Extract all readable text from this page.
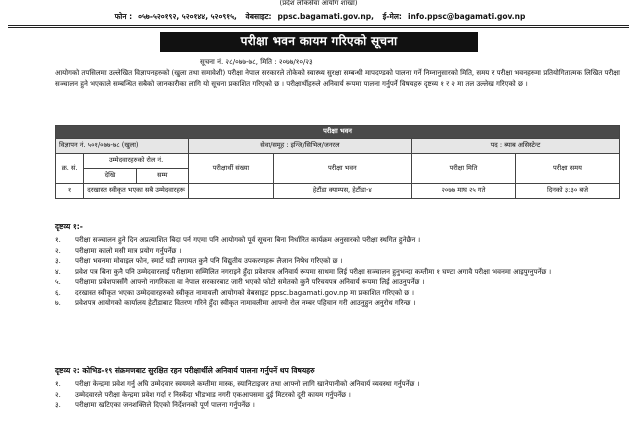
(प्रदेश लोकसेवा आयोग शाखा)
फोन : ०५७-५२०१९२, ५२०१४४, ५२०९१५, वेबसाइट: ppsc.bagamati.gov.np, ई-मेल: info.ppsc@bagamati.gov.np
परीक्षा भवन कायम गरिएको सूचना
सूचना नं. २८/०७७-७८, मिति : २०७७/१०/२३
आयोगको तपसिलमा उल्लेखित विज्ञापनहरुको (खुला तथा समावेशी) परीक्षा नेपाल सरकारले तोकेको स्वास्थ्य सुरक्षा सम्बन्धी मापदण्डको पालना गर्ने निम्नानुसारको मिति, समय र परीक्षा भवनहरुमा प्रतियोगितात्मक लिखित परीक्षा सञ्चालन हुने भएकाले सम्बन्धित सबैको जानकारीका लागि यो सूचना प्रकाशित गरिएको छ । परीक्षार्थीहरुले अनिवार्य रूपमा पालना गर्नुपर्ने विषयहरु दृष्टव्य १ र २ मा तल उल्लेख गरिएको छ ।
परीक्षा भवन						
विज्ञापन नं. ५०१/०७७-७८ (खुला)			सेवा/समूह : इन्जि/सिभिल/जनरल		पद : ब्याब असिस्टेन्ट	
क्र. सं.	उम्मेदवारहरुको रोल नं.		परीक्षार्थी संख्या	परीक्षा भवन	परीक्षा मिति	परीक्षा समय
	देखि	सम्म				
१	दरखास्त स्वीकृत भएका सबै उम्मेदवारहरू			हेटौंडा क्याम्पस, हेटौंडा-४	२०७७ माघ २५ गते	दिनको ३:३० बजे
दृष्टव्य १:-
१.	परीक्षा सञ्चालन हुने दिन अप्रत्याशित बिदा पर्न गएमा पनि आयोगको पूर्व सूचना बिना निर्धारित कार्यक्रम अनुसारको परीक्षा स्थगित हुनेछैन ।
२.	परीक्षामा कालो मसी मात्र प्रयोग गर्नुपर्नेछ ।
३.	परीक्षा भवनमा मोवाइल फोन, स्मार्ट घडी लगायत कुनै पनि विद्युतीय उपकरणहरू लैजान निषेध गरिएको छ ।
४.	प्रवेश पत्र बिना कुनै पनि उम्मेदवारलाई परीक्षामा सम्मिलित नगराइने हुँदा प्रवेशपत्र अनिवार्य रूपमा साथमा लिई परीक्षा सञ्चालन हुनुभन्दा कम्तीमा १ घण्टा अगावै परीक्षा भवनमा आइपुग्नुपर्नेछ ।
५.	परीक्षामा प्रवेशपत्रसँगै आफ्नो नागरिकता वा नेपाल सरकारबाट जारी भएको फोटो समेतको कुनै परिचयपत्र अनिवार्य रूपमा लिई आउनुपर्नेछ ।
६.	दरखास्त स्वीकृत भएका उम्मेदवारहरुको स्वीकृत नामावली आयोगको वेबसाइट ppsc.bagamati.gov.np मा प्रकाशित गरिएको छ ।
७.	प्रवेशपत्र आयोगको कार्यालय हेटौंडाबाट वितरण गरिने हुँदा स्वीकृत नामावलीमा आफ्नो रोल नम्बर पहिचान गरी आउनुहुन अनुरोध गरिन्छ ।
दृष्टव्य २: कोभिड-१९ संक्रमणबाट सुरक्षित रहन परीक्षार्थीले अनिवार्य पालना गर्नुपर्ने थप विषयहरु
१.	परीक्षा केन्द्रमा प्रवेश गर्नु अघि उम्मेदवार स्वयमले कम्तीमा मास्क, स्यानिटाइजर तथा आफ्नो लागि खानेपानीको अनिवार्य व्यवस्था गर्नुपर्नेछ ।
२.	उम्मेदवारले परीक्षा केन्द्रमा प्रवेश गर्दा र निस्कँदा भीडभाड नगरी एकआपसमा दुई मिटरको दूरी कायम गर्नुपर्नेछ ।
३.	परीक्षामा खटिएका जनशक्तिले दिएको निर्देशनको पूर्ण पालना गर्नुपर्नेछ ।
